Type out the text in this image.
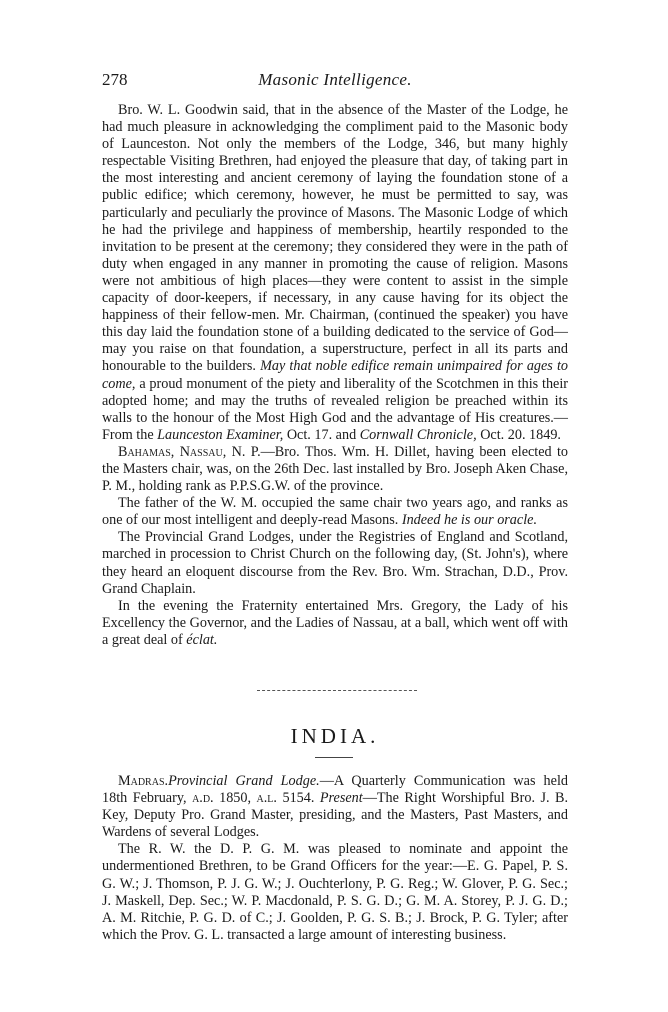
278	Masonic Intelligence.

Bro. W. L. Goodwin said, that in the absence of the Master of the Lodge, he had much pleasure in acknowledging the compliment paid to the Masonic body of Launceston. Not only the members of the Lodge, 346, but many highly respectable Visiting Brethren, had enjoyed the pleasure that day, of taking part in the most interesting and ancient ceremony of laying the foundation stone of a public edifice; which ceremony, however, he must be permitted to say, was particularly and peculiarly the province of Masons. The Masonic Lodge of which he had the privilege and happiness of membership, heartily responded to the invitation to be present at the ceremony; they considered they were in the path of duty when engaged in any manner in promoting the cause of religion. Masons were not ambitious of high places—they were content to assist in the simple capacity of door-keepers, if necessary, in any cause having for its object the happiness of their fellow-men. Mr. Chairman, (continued the speaker) you have this day laid the foundation stone of a building dedicated to the service of God—may you raise on that foundation, a superstructure, perfect in all its parts and honourable to the builders. May that noble edifice remain unimpaired for ages to come, a proud monument of the piety and liberality of the Scotchmen in this their adopted home; and may the truths of revealed religion be preached within its walls to the honour of the Most High God and the advantage of His creatures.—From the Launceston Examiner, Oct. 17. and Cornwall Chronicle, Oct. 20. 1849.

Bahamas, Nassau, N. P.—Bro. Thos. Wm. H. Dillet, having been elected to the Masters chair, was, on the 26th Dec. last installed by Bro. Joseph Aken Chase, P. M., holding rank as P.P.S.G.W. of the province.

The father of the W. M. occupied the same chair two years ago, and ranks as one of our most intelligent and deeply-read Masons. Indeed he is our oracle.

The Provincial Grand Lodges, under the Registries of England and Scotland, marched in procession to Christ Church on the following day, (St. John's), where they heard an eloquent discourse from the Rev. Bro. Wm. Strachan, D.D., Prov. Grand Chaplain.

In the evening the Fraternity entertained Mrs. Gregory, the Lady of his Excellency the Governor, and the Ladies of Nassau, at a ball, which went off with a great deal of éclat.

INDIA.

Madras.Provincial Grand Lodge.—A Quarterly Communication was held 18th February, a.d. 1850, a.l. 5154. Present—The Right Worshipful Bro. J. B. Key, Deputy Pro. Grand Master, presiding, and the Masters, Past Masters, and Wardens of several Lodges.

The R. W. the D. P. G. M. was pleased to nominate and appoint the undermentioned Brethren, to be Grand Officers for the year:—E. G. Papel, P. S. G. W.; J. Thomson, P. J. G. W.; J. Ouchterlony, P. G. Reg.; W. Glover, P. G. Sec.; J. Maskell, Dep. Sec.; W. P. Macdonald, P. S. G. D.; G. M. A. Storey, P. J. G. D.; A. M. Ritchie, P. G. D. of C.; J. Goolden, P. G. S. B.; J. Brock, P. G. Tyler; after which the Prov. G. L. transacted a large amount of interesting business.
